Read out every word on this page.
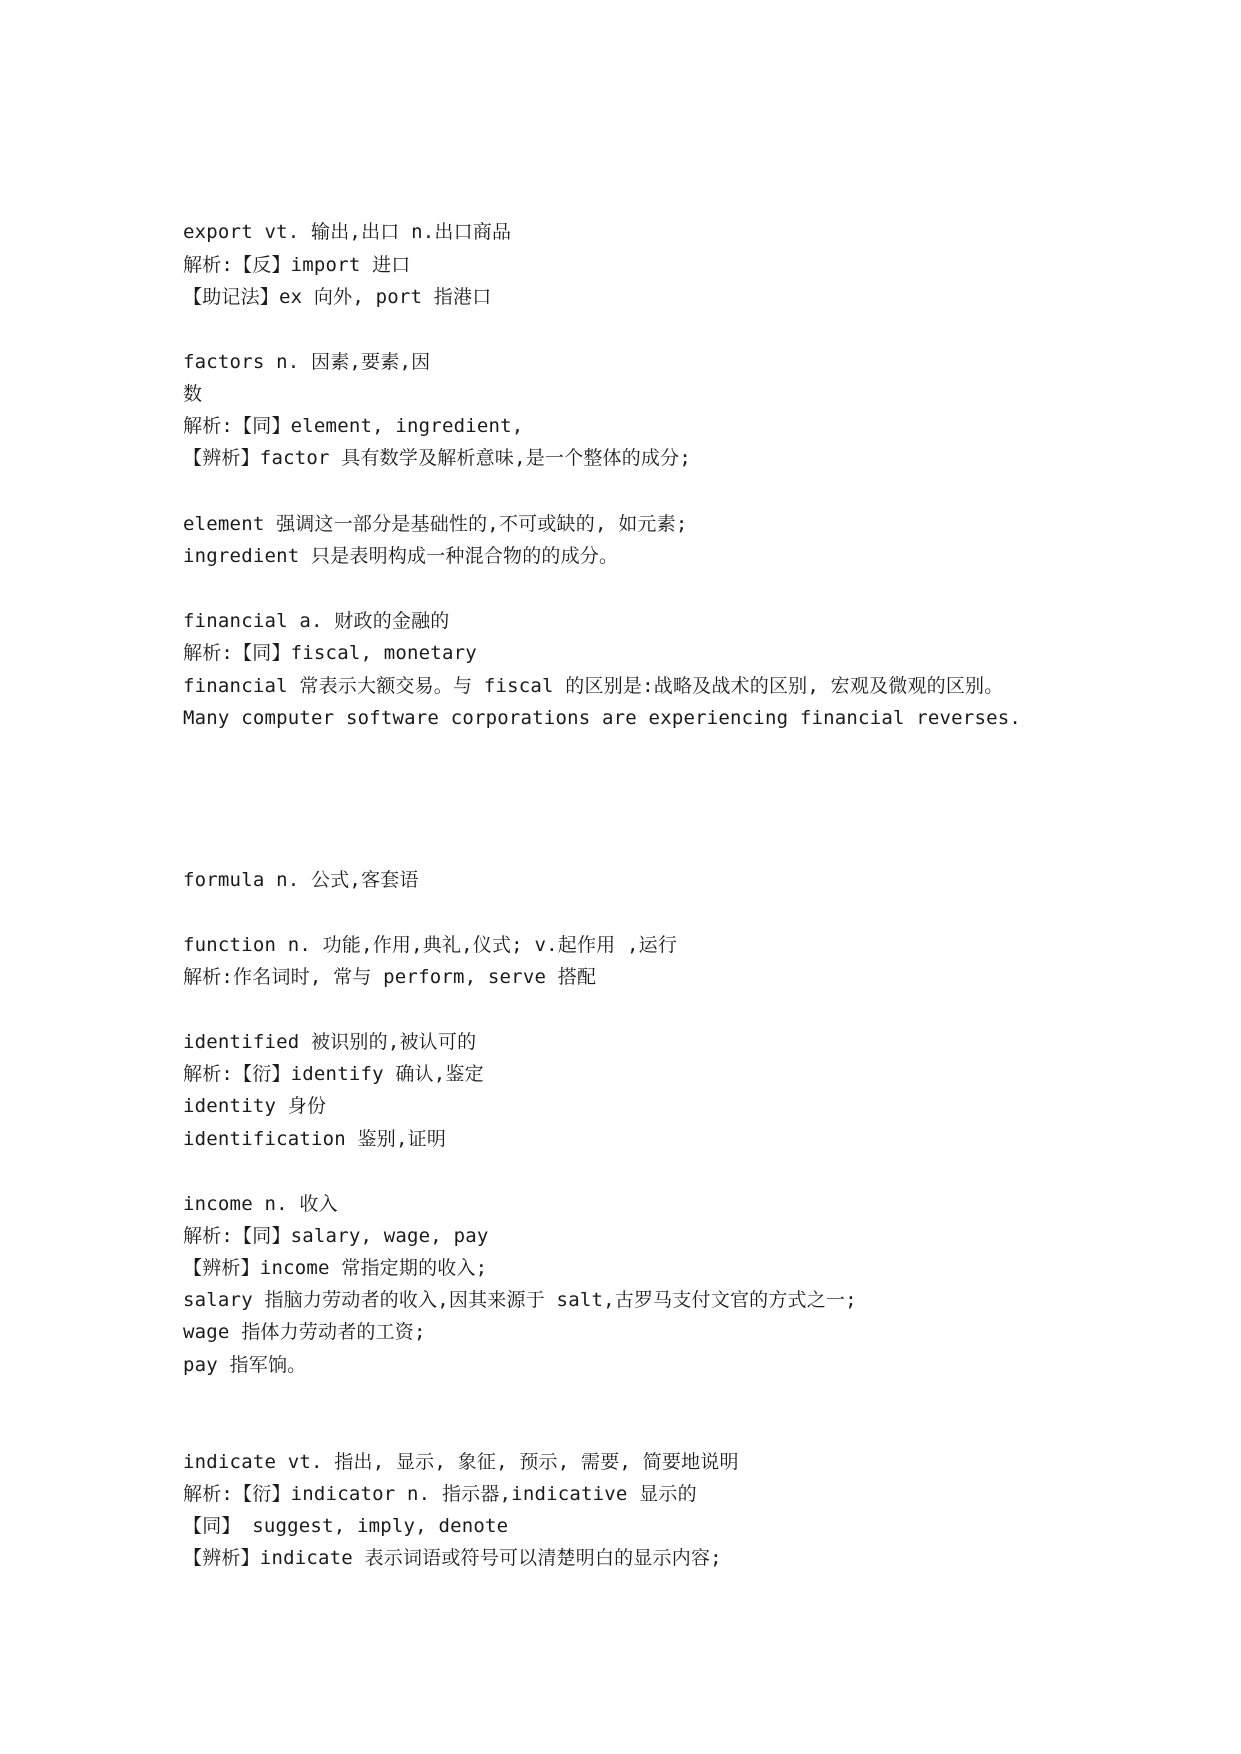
export vt. 输出,出口 n.出口商品
解析:【反】import 进口
【助记法】ex 向外, port 指港口
factors n. 因素,要素,因
数
解析:【同】element, ingredient,
【辨析】factor 具有数学及解析意味,是一个整体的成分;
element 强调这一部分是基础性的,不可或缺的, 如元素;
ingredient 只是表明构成一种混合物的的成分。
financial a. 财政的金融的
解析:【同】fiscal, monetary
financial 常表示大额交易。与 fiscal 的区别是:战略及战术的区别, 宏观及微观的区别。
Many computer software corporations are experiencing financial reverses.
formula n. 公式,客套语
function n. 功能,作用,典礼,仪式; v.起作用 ,运行
解析:作名词时, 常与 perform, serve 搭配
identified 被识别的,被认可的
解析:【衍】identify 确认,鉴定
identity 身份
identification 鉴别,证明
income n. 收入
解析:【同】salary, wage, pay
【辨析】income 常指定期的收入;
salary 指脑力劳动者的收入,因其来源于 salt,古罗马支付文官的方式之一;
wage 指体力劳动者的工资;
pay 指军饷。
indicate vt. 指出, 显示, 象征, 预示, 需要, 简要地说明
解析:【衍】indicator n. 指示器,indicative 显示的
【同】 suggest, imply, denote
【辨析】indicate 表示词语或符号可以清楚明白的显示内容;
